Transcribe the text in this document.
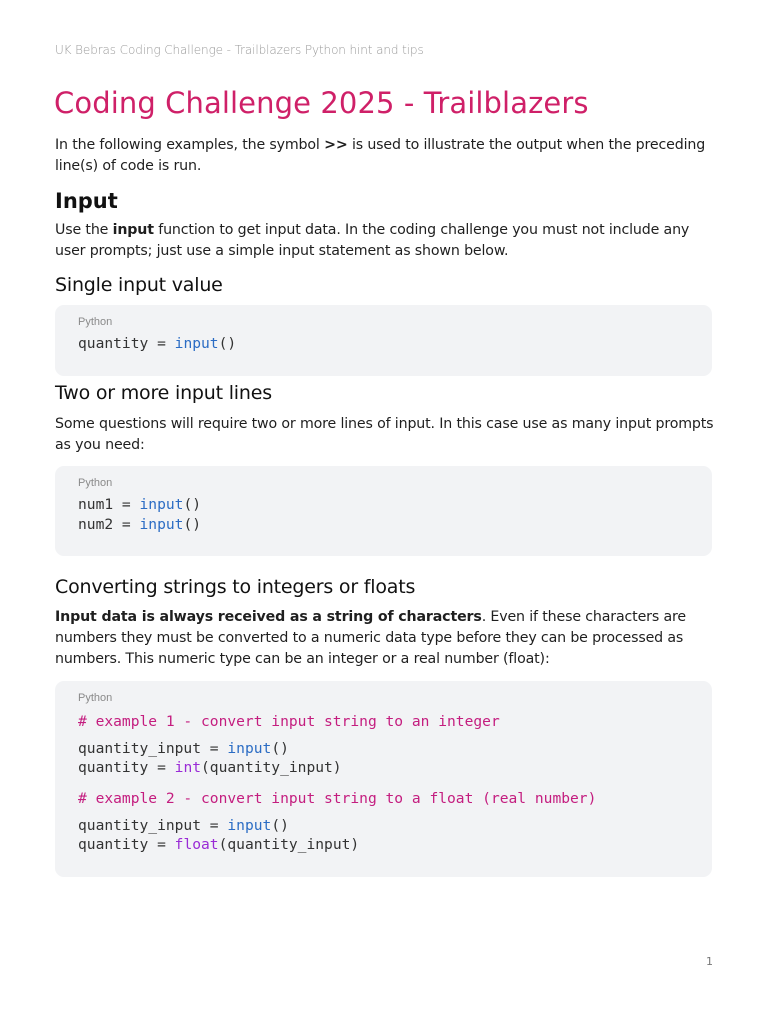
UK Bebras Coding Challenge - Trailblazers Python hint and tips
Coding Challenge 2025 - Trailblazers
In the following examples, the symbol >> is used to illustrate the output when the preceding line(s) of code is run.
Input
Use the input function to get input data. In the coding challenge you must not include any user prompts; just use a simple input statement as shown below.
Single input value
Python
quantity = input()
Two or more input lines
Some questions will require two or more lines of input. In this case use as many input prompts as you need:
Python
num1 = input()
num2 = input()
Converting strings to integers or floats
Input data is always received as a string of characters. Even if these characters are numbers they must be converted to a numeric data type before they can be processed as numbers. This numeric type can be an integer or a real number (float):
Python
# example 1 - convert input string to an integer
quantity_input = input()
quantity = int(quantity_input)
# example 2 - convert input string to a float (real number)
quantity_input = input()
quantity = float(quantity_input)
1
